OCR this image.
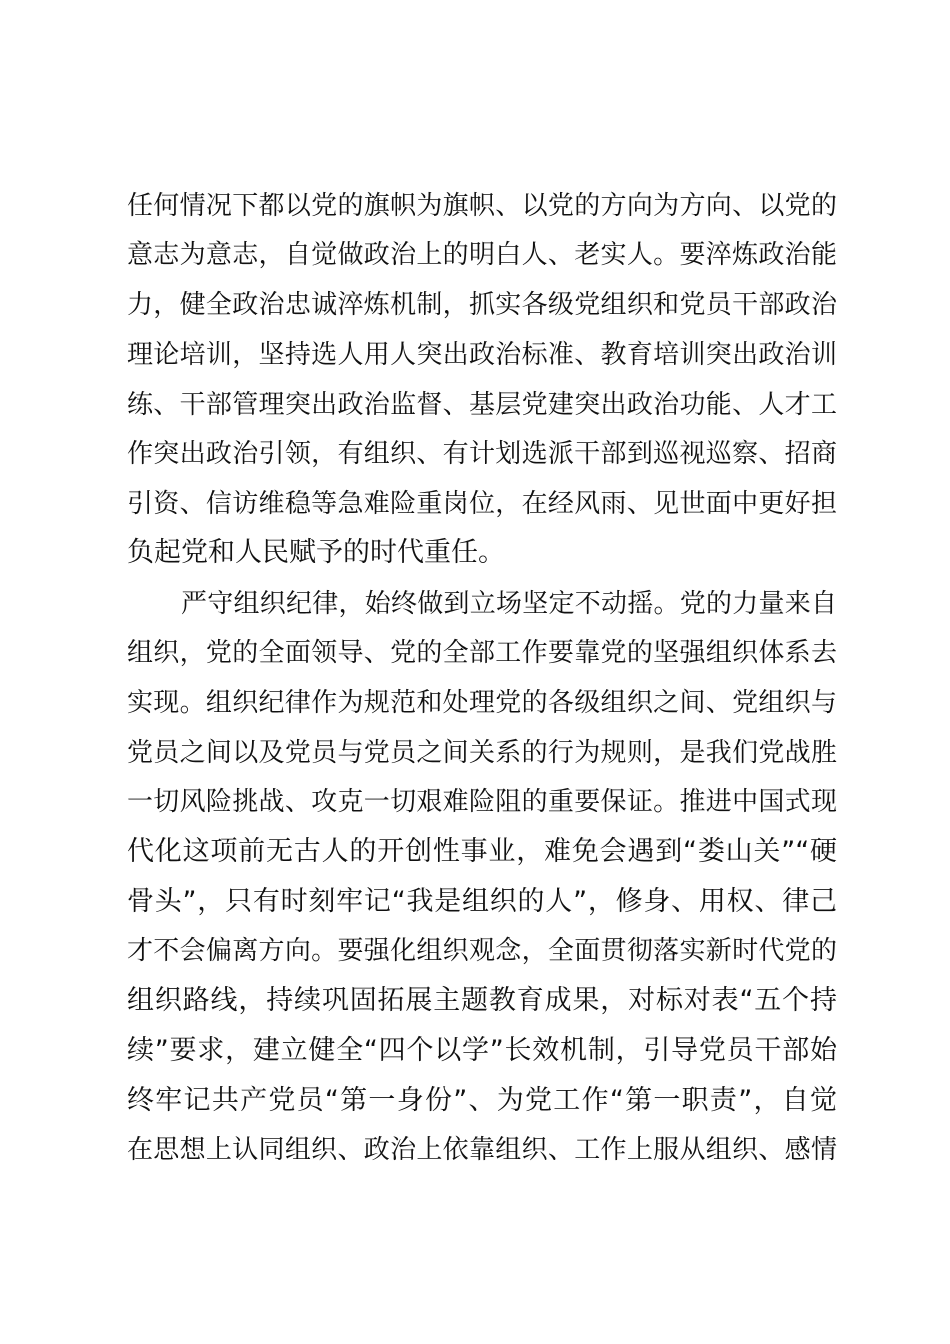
任何情况下都以党的旗帜为旗帜、以党的方向为方向、以党的
意志为意志，自觉做政治上的明白人、老实人。要淬炼政治能
力，健全政治忠诚淬炼机制，抓实各级党组织和党员干部政治
理论培训，坚持选人用人突出政治标准、教育培训突出政治训
练、干部管理突出政治监督、基层党建突出政治功能、人才工
作突出政治引领，有组织、有计划选派干部到巡视巡察、招商
引资、信访维稳等急难险重岗位，在经风雨、见世面中更好担
负起党和人民赋予的时代重任。
严守组织纪律，始终做到立场坚定不动摇。党的力量来自
组织，党的全面领导、党的全部工作要靠党的坚强组织体系去
实现。组织纪律作为规范和处理党的各级组织之间、党组织与
党员之间以及党员与党员之间关系的行为规则，是我们党战胜
一切风险挑战、攻克一切艰难险阻的重要保证。推进中国式现
代化这项前无古人的开创性事业，难免会遇到“娄山关”“硬
骨头”，只有时刻牢记“我是组织的人”，修身、用权、律己
才不会偏离方向。要强化组织观念，全面贯彻落实新时代党的
组织路线，持续巩固拓展主题教育成果，对标对表“五个持
续”要求，建立健全“四个以学”长效机制，引导党员干部始
终牢记共产党员“第一身份”、为党工作“第一职责”，自觉
在思想上认同组织、政治上依靠组织、工作上服从组织、感情
